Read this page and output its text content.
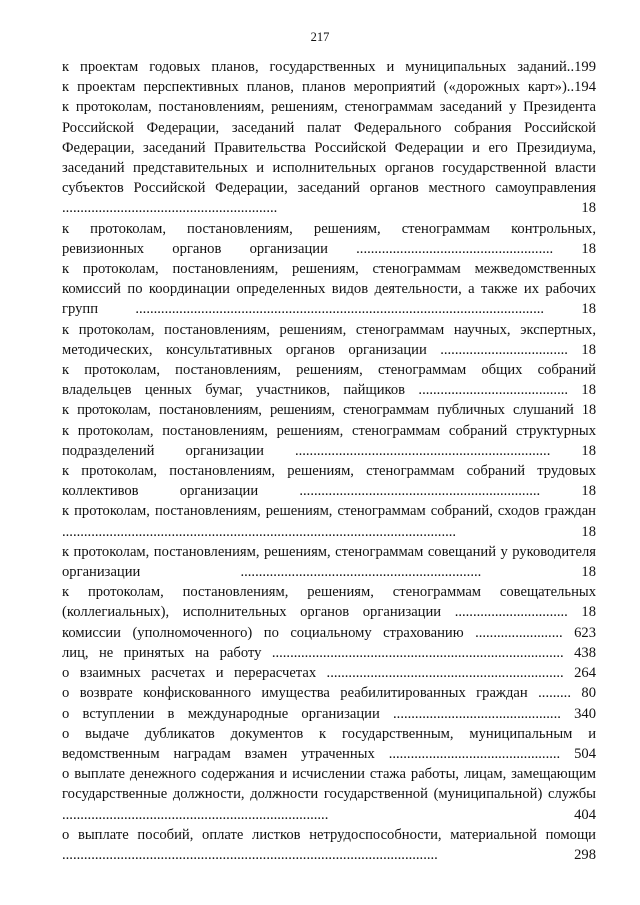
217
к проектам годовых планов, государственных и муниципальных заданий..199
к проектам перспективных планов, планов мероприятий («дорожных карт»)..194
к протоколам, постановлениям, решениям, стенограммам заседаний у Президента Российской Федерации, заседаний палат Федерального собрания Российской Федерации, заседаний Правительства Российской Федерации и его Президиума, заседаний представительных и исполнительных органов государственной власти субъектов Российской Федерации, заседаний органов местного самоуправления ........................................................... 18
к протоколам, постановлениям, решениям, стенограммам контрольных, ревизионных органов организации ...................................................... 18
к протоколам, постановлениям, решениям, стенограммам межведомственных комиссий по координации определенных видов деятельности, а также их рабочих групп ................................................................................................................ 18
к протоколам, постановлениям, решениям, стенограммам научных, экспертных, методических, консультативных органов организации ................................... 18
к протоколам, постановлениям, решениям, стенограммам общих собраний владельцев ценных бумаг, участников, пайщиков ......................................... 18
к протоколам, постановлениям, решениям, стенограммам публичных слушаний 18
к протоколам, постановлениям, решениям, стенограммам собраний структурных подразделений организации ...................................................................... 18
к протоколам, постановлениям, решениям, стенограммам собраний трудовых коллективов организации .................................................................. 18
к протоколам, постановлениям, решениям, стенограммам собраний, сходов граждан ............................................................................................................ 18
к протоколам, постановлениям, решениям, стенограммам совещаний у руководителя организации .................................................................. 18
к протоколам, постановлениям, решениям, стенограммам совещательных (коллегиальных), исполнительных органов организации ............................... 18
комиссии (уполномоченного) по социальному страхованию ........................ 623
лиц, не принятых на работу ................................................................................ 438
о взаимных расчетах и перерасчетах ................................................................. 264
о возврате конфискованного имущества реабилитированных граждан ......... 80
о вступлении в международные организации .............................................. 340
о выдаче дубликатов документов к государственным, муниципальным и ведомственным наградам взамен утраченных ............................................... 504
о выплате денежного содержания и исчислении стажа работы, лицам, замещающим государственные должности, должности государственной (муниципальной) службы ......................................................................... 404
о выплате пособий, оплате листков нетрудоспособности, материальной помощи ....................................................................................................... 298
